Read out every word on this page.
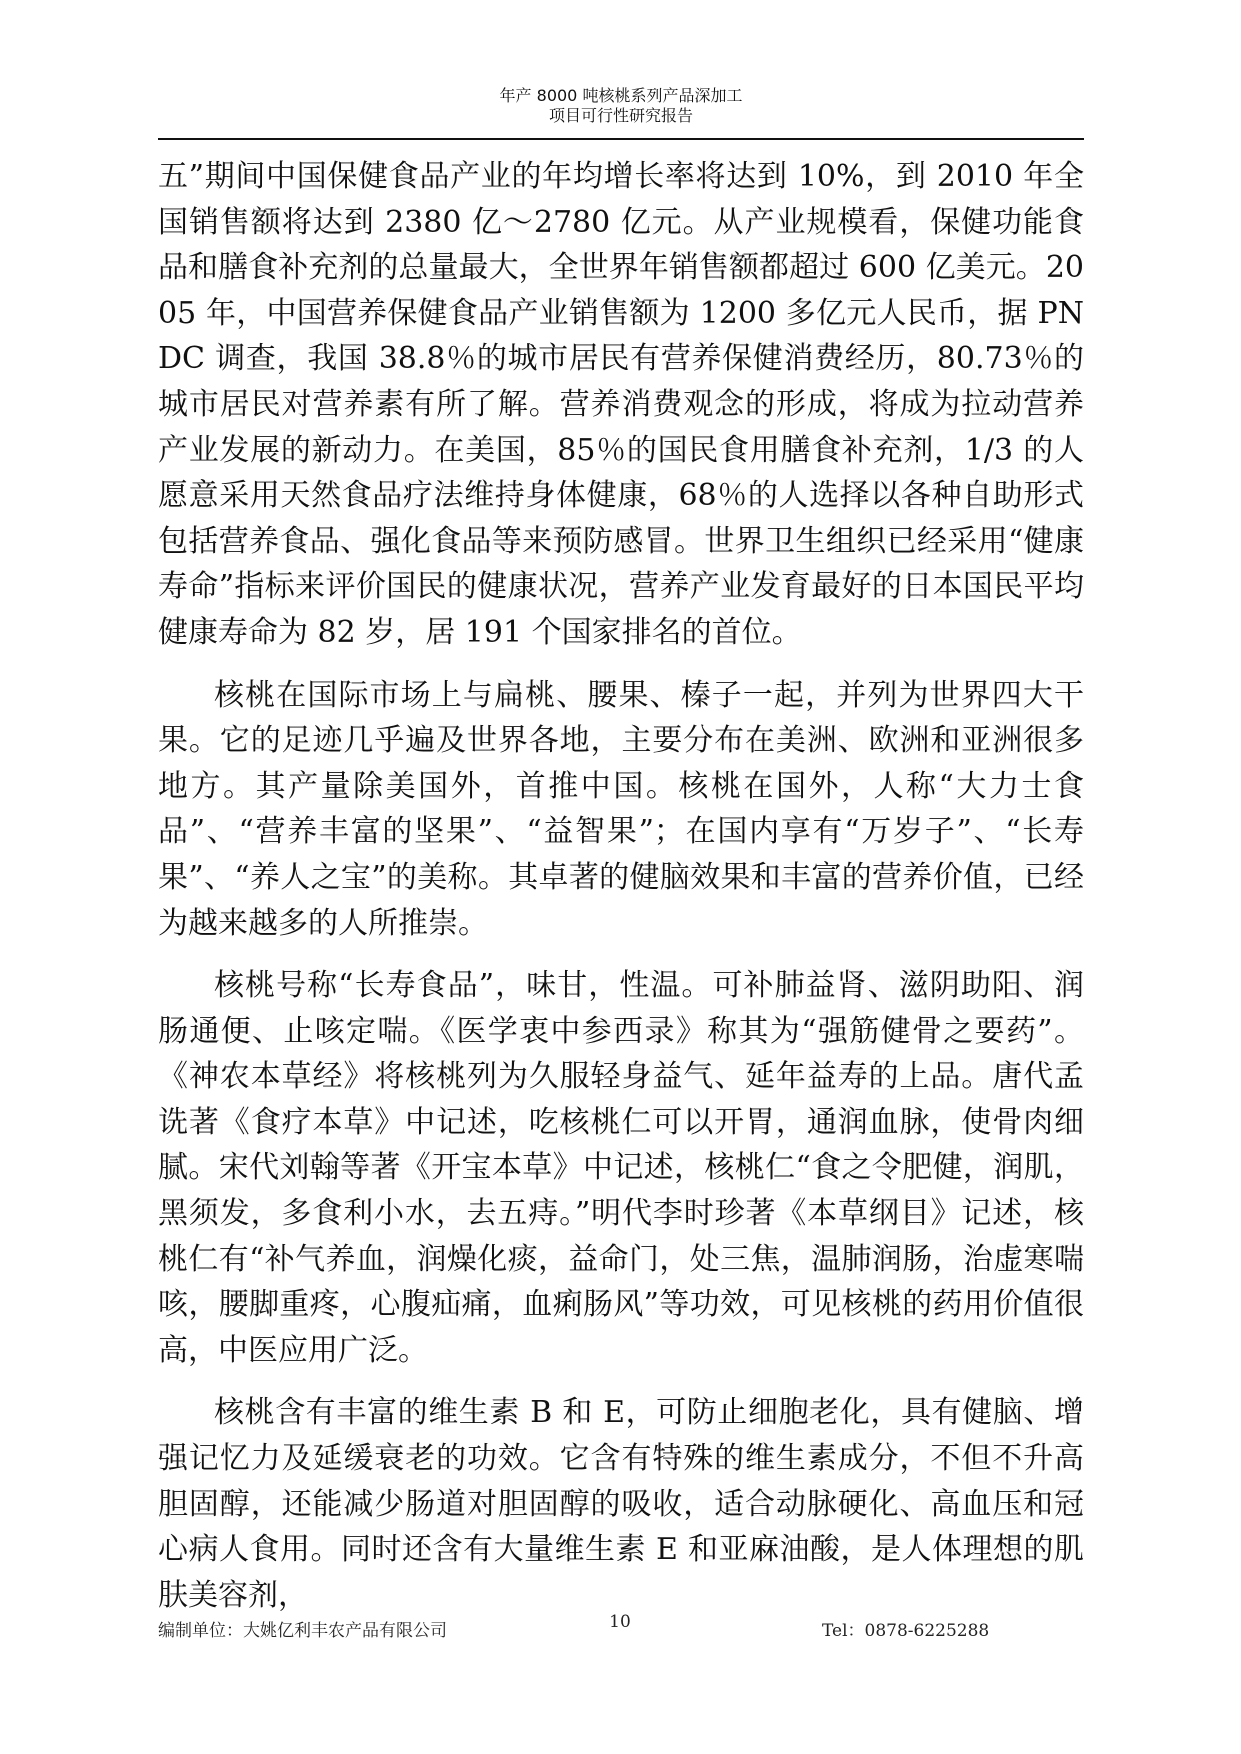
年产 8000 吨核桃系列产品深加工
项目可行性研究报告

五”期间中国保健食品产业的年均增长率将达到 10%，到 2010 年全国销售额将达到 2380 亿～2780 亿元。从产业规模看，保健功能食品和膳食补充剂的总量最大，全世界年销售额都超过 600 亿美元。2005 年，中国营养保健食品产业销售额为 1200 多亿元人民币，据 PNDC 调查，我国 38.8％的城市居民有营养保健消费经历，80.73％的城市居民对营养素有所了解。营养消费观念的形成，将成为拉动营养产业发展的新动力。在美国，85％的国民食用膳食补充剂，1/3 的人愿意采用天然食品疗法维持身体健康，68％的人选择以各种自助形式包括营养食品、强化食品等来预防感冒。世界卫生组织已经采用“健康寿命”指标来评价国民的健康状况，营养产业发育最好的日本国民平均健康寿命为 82 岁，居 191 个国家排名的首位。

核桃在国际市场上与扁桃、腰果、榛子一起，并列为世界四大干果。它的足迹几乎遍及世界各地，主要分布在美洲、欧洲和亚洲很多地方。其产量除美国外，首推中国。核桃在国外，人称“大力士食品”、“营养丰富的坚果”、“益智果”；在国内享有“万岁子”、“长寿果”、“养人之宝”的美称。其卓著的健脑效果和丰富的营养价值，已经为越来越多的人所推崇。

核桃号称“长寿食品”，味甘，性温。可补肺益肾、滋阴助阳、润肠通便、止咳定喘。《医学衷中参西录》称其为“强筋健骨之要药”。《神农本草经》将核桃列为久服轻身益气、延年益寿的上品。唐代孟诜著《食疗本草》中记述，吃核桃仁可以开胃，通润血脉，使骨肉细腻。宋代刘翰等著《开宝本草》中记述，核桃仁“食之令肥健，润肌，黑须发，多食利小水，去五痔。”明代李时珍著《本草纲目》记述，核桃仁有“补气养血，润燥化痰，益命门，处三焦，温肺润肠，治虚寒喘咳，腰脚重疼，心腹疝痛，血痢肠风”等功效，可见核桃的药用价值很高，中医应用广泛。

核桃含有丰富的维生素 B 和 E，可防止细胞老化，具有健脑、增强记忆力及延缓衰老的功效。它含有特殊的维生素成分，不但不升高胆固醇，还能减少肠道对胆固醇的吸收，适合动脉硬化、高血压和冠心病人食用。同时还含有大量维生素 E 和亚麻油酸，是人体理想的肌肤美容剂，

编制单位：大姚亿利丰农产品有限公司	10	Tel：0878-6225288
